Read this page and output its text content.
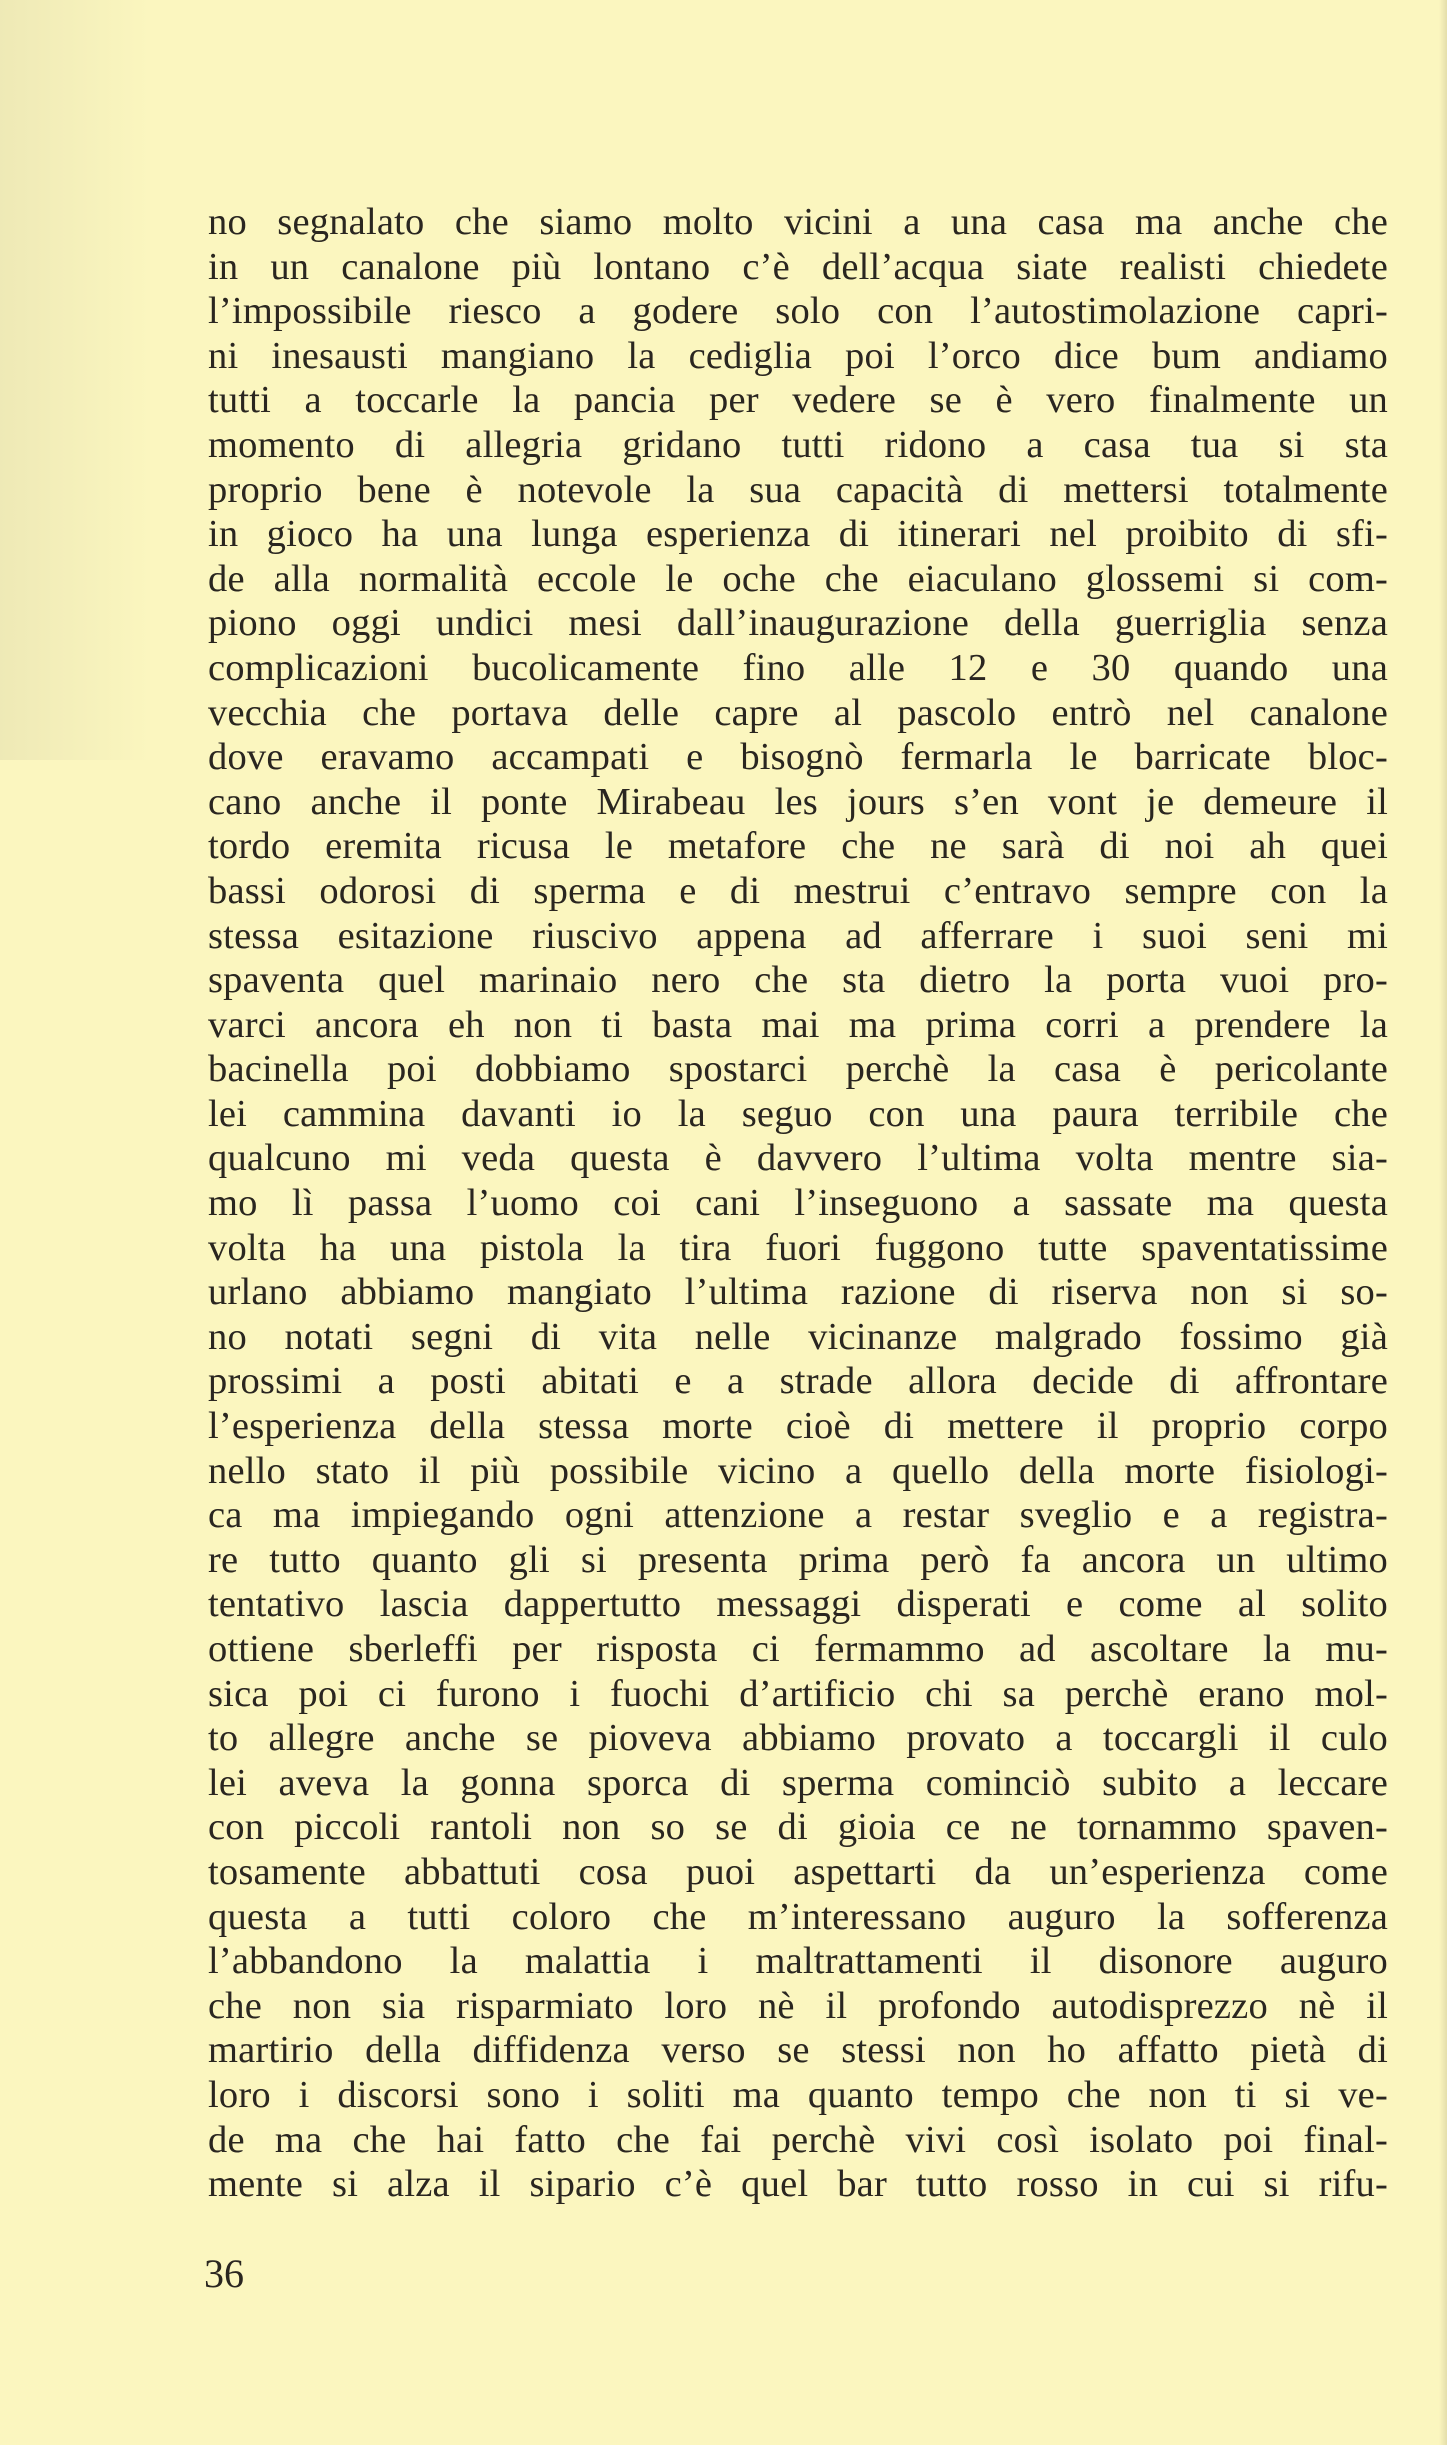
no segnalato che siamo molto vicini a una casa ma anche che
in un canalone più lontano c’è dell’acqua siate realisti chiedete
l’impossibile riesco a godere solo con l’autostimolazione capri-
ni inesausti mangiano la cediglia poi l’orco dice bum andiamo
tutti a toccarle la pancia per vedere se è vero finalmente un
momento di allegria gridano tutti ridono a casa tua si sta
proprio bene è notevole la sua capacità di mettersi totalmente
in gioco ha una lunga esperienza di itinerari nel proibito di sfi-
de alla normalità eccole le oche che eiaculano glossemi si com-
piono oggi undici mesi dall’inaugurazione della guerriglia senza
complicazioni bucolicamente fino alle 12 e 30 quando una
vecchia che portava delle capre al pascolo entrò nel canalone
dove eravamo accampati e bisognò fermarla le barricate bloc-
cano anche il ponte Mirabeau les jours s’en vont je demeure il
tordo eremita ricusa le metafore che ne sarà di noi ah quei
bassi odorosi di sperma e di mestrui c’entravo sempre con la
stessa esitazione riuscivo appena ad afferrare i suoi seni mi
spaventa quel marinaio nero che sta dietro la porta vuoi pro-
varci ancora eh non ti basta mai ma prima corri a prendere la
bacinella poi dobbiamo spostarci perchè la casa è pericolante
lei cammina davanti io la seguo con una paura terribile che
qualcuno mi veda questa è davvero l’ultima volta mentre sia-
mo lì passa l’uomo coi cani l’inseguono a sassate ma questa
volta ha una pistola la tira fuori fuggono tutte spaventatissime
urlano abbiamo mangiato l’ultima razione di riserva non si so-
no notati segni di vita nelle vicinanze malgrado fossimo già
prossimi a posti abitati e a strade allora decide di affrontare
l’esperienza della stessa morte cioè di mettere il proprio corpo
nello stato il più possibile vicino a quello della morte fisiologi-
ca ma impiegando ogni attenzione a restar sveglio e a registra-
re tutto quanto gli si presenta prima però fa ancora un ultimo
tentativo lascia dappertutto messaggi disperati e come al solito
ottiene sberleffi per risposta ci fermammo ad ascoltare la mu-
sica poi ci furono i fuochi d’artificio chi sa perchè erano mol-
to allegre anche se pioveva abbiamo provato a toccargli il culo
lei aveva la gonna sporca di sperma cominciò subito a leccare
con piccoli rantoli non so se di gioia ce ne tornammo spaven-
tosamente abbattuti cosa puoi aspettarti da un’esperienza come
questa a tutti coloro che m’interessano auguro la sofferenza
l’abbandono la malattia i maltrattamenti il disonore auguro
che non sia risparmiato loro nè il profondo autodisprezzo nè il
martirio della diffidenza verso se stessi non ho affatto pietà di
loro i discorsi sono i soliti ma quanto tempo che non ti si ve-
de ma che hai fatto che fai perchè vivi così isolato poi final-
mente si alza il sipario c’è quel bar tutto rosso in cui si rifu-
36
